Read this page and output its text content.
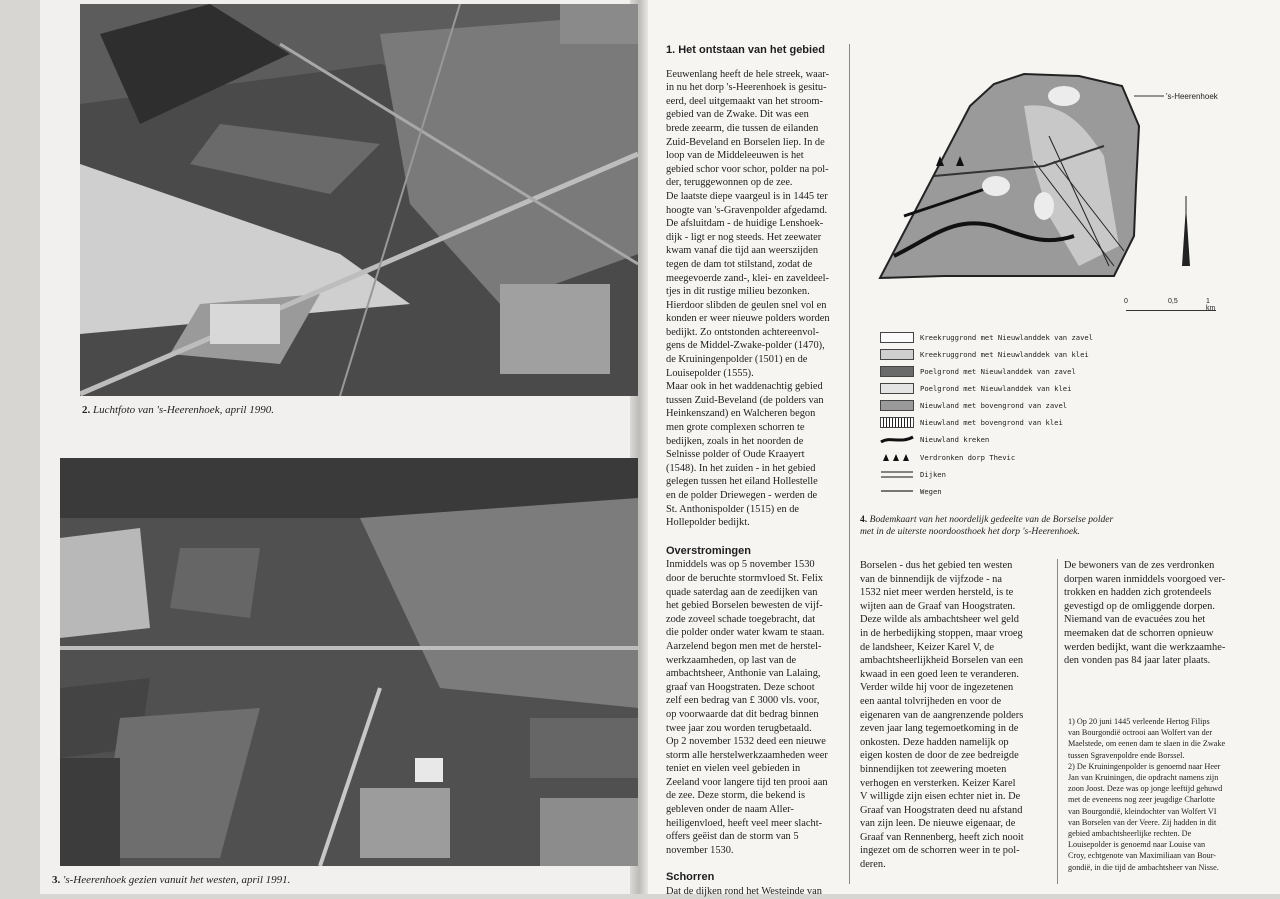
2. Luchtfoto van 's-Heerenhoek, april 1990.
3. 's-Heerenhoek gezien vanuit het westen, april 1991.
1. Het ontstaan van het gebied

Eeuwenlang heeft de hele streek, waar-

in nu het dorp 's-Heerenhoek is gesitu-

eerd, deel uitgemaakt van het stroom-

gebied van de Zwake. Dit was een

brede zeearm, die tussen de eilanden

Zuid-Beveland en Borselen liep. In de

loop van de Middeleeuwen is het

gebied schor voor schor, polder na pol-

der, teruggewonnen op de zee.

De laatste diepe vaargeul is in 1445 ter

hoogte van 's-Gravenpolder afgedamd.

De afsluitdam - de huidige Lenshoek-

dijk - ligt er nog steeds. Het zeewater

kwam vanaf die tijd aan weerszijden

tegen de dam tot stilstand, zodat de

meegevoerde zand-, klei- en zaveldeel-

tjes in dit rustige milieu bezonken.

Hierdoor slibden de geulen snel vol en

konden er weer nieuwe polders worden

bedijkt. Zo ontstonden achtereenvol-

gens de Middel-Zwake-polder (1470),

de Kruiningenpolder (1501) en de

Louisepolder (1555).

Maar ook in het waddenachtig gebied

tussen Zuid-Beveland (de polders van

Heinkenszand) en Walcheren begon

men grote complexen schorren te

bedijken, zoals in het noorden de

Selnisse polder of Oude Kraayert

(1548). In het zuiden - in het gebied

gelegen tussen het eiland Hollestelle

en de polder Driewegen - werden de

St. Anthonispolder (1515) en de

Hollepolder bedijkt.

Overstromingen

Inmiddels was op 5 november 1530

door de beruchte stormvloed St. Felix

quade saterdag aan de zeedijken van

het gebied Borselen bewesten de vijf-

zode zoveel schade toegebracht, dat

die polder onder water kwam te staan.

Aarzelend begon men met de herstel-

werkzaamheden, op last van de

ambachtsheer, Anthonie van Lalaing,

graaf van Hoogstraten. Deze schoot

zelf een bedrag van £ 3000 vls. voor,

op voorwaarde dat dit bedrag binnen

twee jaar zou worden terugbetaald.

Op 2 november 1532 deed een nieuwe

storm alle herstelwerkzaamheden weer

teniet en vielen veel gebieden in

Zeeland voor langere tijd ten prooi aan

de zee. Deze storm, die bekend is

gebleven onder de naam Aller-

heiligenvloed, heeft veel meer slacht-

offers geëist dan de storm van 5

november 1530.

Schorren

Dat de dijken rond het Westeinde van

's-Heerenhoek
0	0,5	1 km
Kreekruggrond met Nieuwlanddek van zavel
Kreekruggrond met Nieuwlanddek van klei
Poelgrond met Nieuwlanddek van zavel
Poelgrond met Nieuwlanddek van klei
Nieuwland met bovengrond van zavel
Nieuwland met bovengrond van klei
Nieuwland kreken
Verdronken dorp Thevic
Dijken
Wegen
4. Bodemkaart van het noordelijk gedeelte van de Borselse polder
met in de uiterste noordoosthoek het dorp 's-Heerenhoek.

Borselen - dus het gebied ten westen

van de binnendijk de vijfzode - na

1532 niet meer werden hersteld, is te

wijten aan de Graaf van Hoogstraten.

Deze wilde als ambachtsheer wel geld

in de herbedijking stoppen, maar vroeg

de landsheer, Keizer Karel V, de

ambachtsheerlijkheid Borselen van een

kwaad in een goed leen te veranderen.

Verder wilde hij voor de ingezetenen

een aantal tolvrijheden en voor de

eigenaren van de aangrenzende polders

zeven jaar lang tegemoetkoming in de

onkosten. Deze hadden namelijk op

eigen kosten de door de zee bedreigde

binnendijken tot zeewering moeten

verhogen en versterken. Keizer Karel

V willigde zijn eisen echter niet in. De

Graaf van Hoogstraten deed nu afstand

van zijn leen. De nieuwe eigenaar, de

Graaf van Rennenberg, heeft zich nooit

ingezet om de schorren weer in te pol-

deren.

De bewoners van de zes verdronken

dorpen waren inmiddels voorgoed ver-

trokken en hadden zich grotendeels

gevestigd op de omliggende dorpen.

Niemand van de evacuées zou het

meemaken dat de schorren opnieuw

werden bedijkt, want die werkzaamhe-

den vonden pas 84 jaar later plaats.

1) Op 20 juni 1445 verleende Hertog Filips

van Bourgondië octrooi aan Wolfert van der

Maelstede, om eenen dam te slaen in die Zwake

tussen Sgravenpoldre ende Borssel.

2) De Kruiningenpolder is genoemd naar Heer

Jan van Kruiningen, die opdracht namens zijn

zoon Joost. Deze was op jonge leeftijd gehuwd

met de eveneens nog zeer jeugdige Charlotte

van Bourgondië, kleindochter van Wolfert VI

van Borselen van der Veere. Zij hadden in dit

gebied ambachtsheerlijke rechten. De

Louisepolder is genoemd naar Louise van

Croy, echtgenote van Maximiliaan van Bour-

gondië, in die tijd de ambachtsheer van Nisse.
